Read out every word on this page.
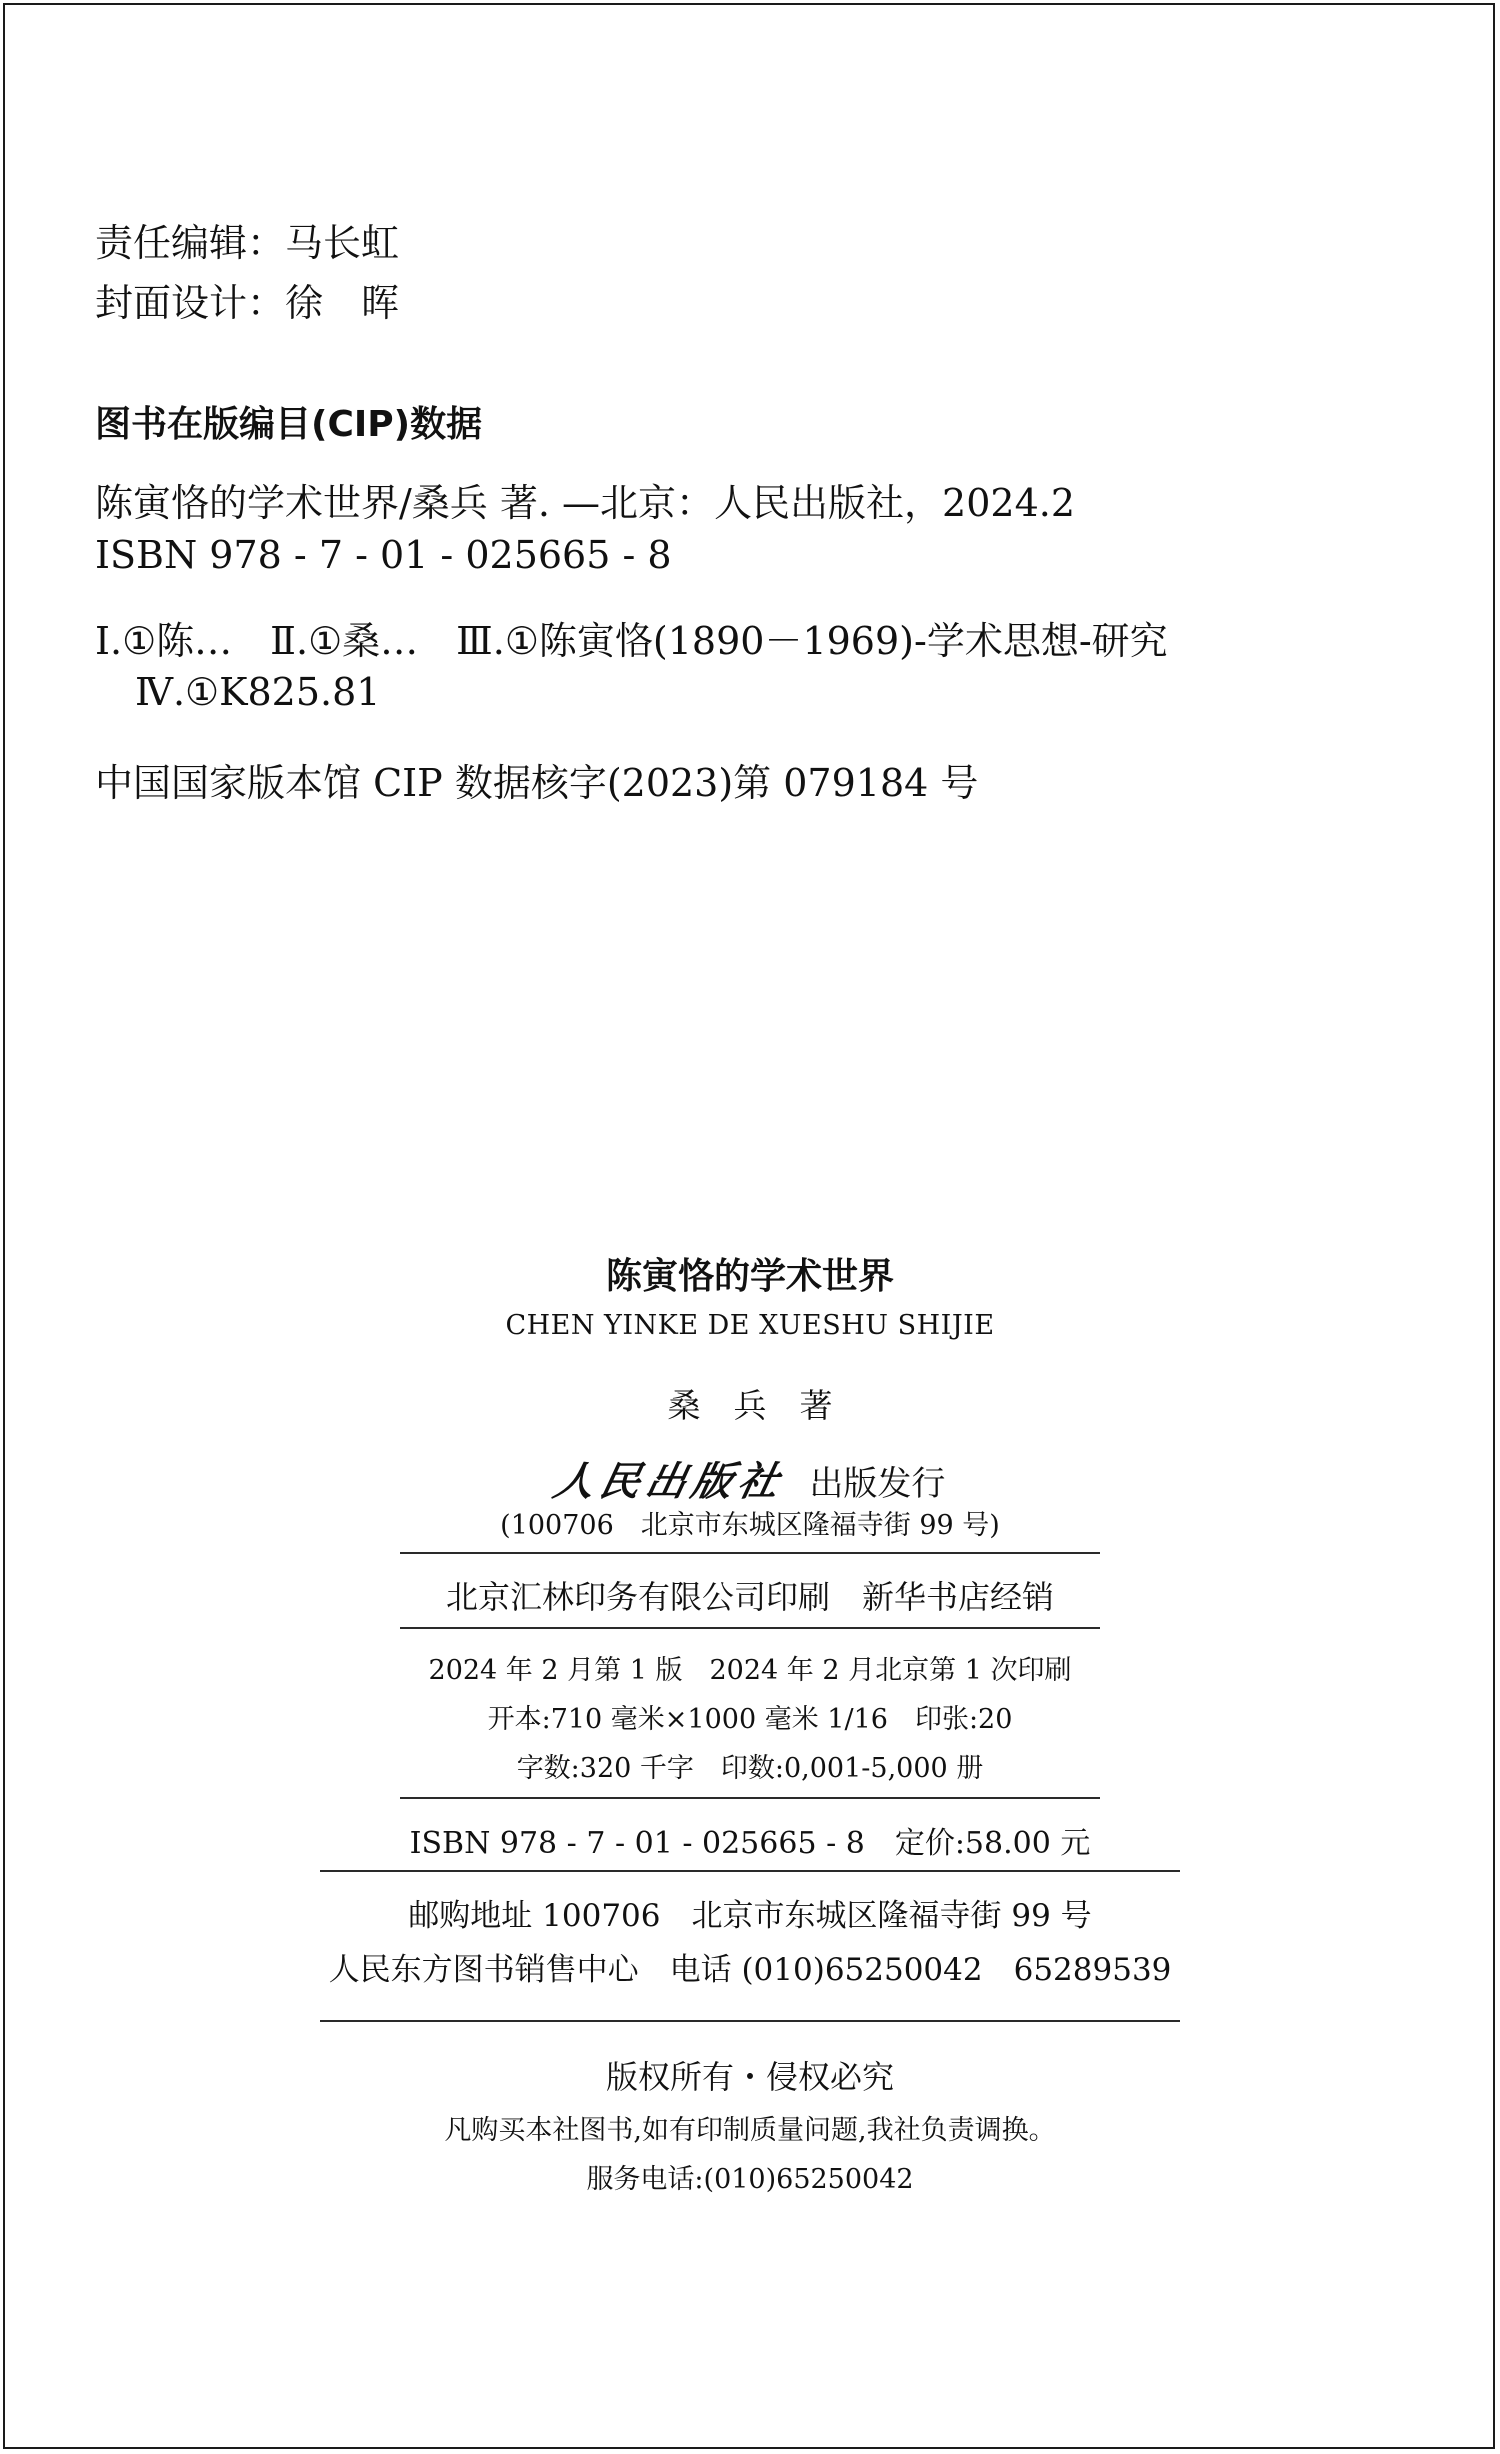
责任编辑：马长虹
封面设计：徐　晖
图书在版编目(CIP)数据
陈寅恪的学术世界/桑兵 著. —北京：人民出版社，2024.2
ISBN 978 - 7 - 01 - 025665 - 8
Ⅰ.①陈…　Ⅱ.①桑…　Ⅲ.①陈寅恪(1890－1969)-学术思想-研究
Ⅳ.①K825.81
中国国家版本馆 CIP 数据核字(2023)第 079184 号
陈寅恪的学术世界
CHEN YINKE DE XUESHU SHIJIE
桑　兵　著
人民出版社 出版发行
(100706　北京市东城区隆福寺街 99 号)
北京汇林印务有限公司印刷　新华书店经销
2024 年 2 月第 1 版　2024 年 2 月北京第 1 次印刷
开本:710 毫米×1000 毫米 1/16　印张:20
字数:320 千字　印数:0,001-5,000 册
ISBN 978 - 7 - 01 - 025665 - 8　定价:58.00 元
邮购地址 100706　北京市东城区隆福寺街 99 号
人民东方图书销售中心　电话 (010)65250042　65289539
版权所有・侵权必究
凡购买本社图书,如有印制质量问题,我社负责调换。
服务电话:(010)65250042
